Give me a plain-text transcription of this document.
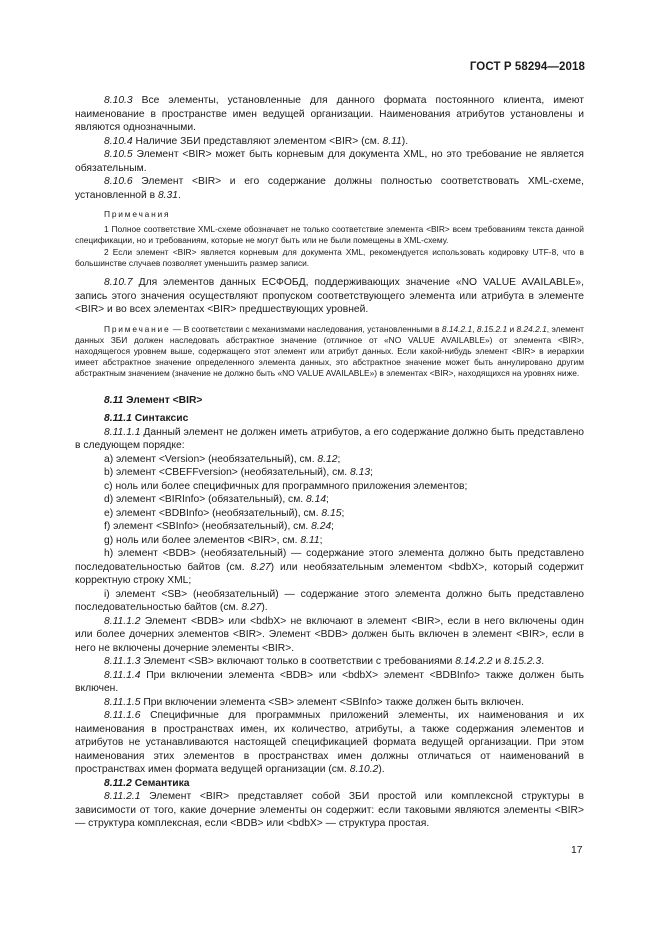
ГОСТ Р 58294—2018

8.10.3 Все элементы, установленные для данного формата постоянного клиента, имеют наименование в пространстве имен ведущей организации. Наименования атрибутов установлены и являются однозначными.

8.10.4 Наличие ЗБИ представляют элементом <BIR> (см. 8.11).

8.10.5 Элемент <BIR> может быть корневым для документа XML, но это требование не является обязательным.

8.10.6 Элемент <BIR> и его содержание должны полностью соответствовать XML-схеме, установленной в 8.31.

Примечания

1 Полное соответствие XML-схеме обозначает не только соответствие элемента <BIR> всем требованиям текста данной спецификации, но и требованиям, которые не могут быть или не были помещены в XML-схему.

2 Если элемент <BIR> является корневым для документа XML, рекомендуется использовать кодировку UTF-8, что в большинстве случаев позволяет уменьшить размер записи.

8.10.7 Для элементов данных ЕСФОБД, поддерживающих значение «NO VALUE AVAILABLE», запись этого значения осуществляют пропуском соответствующего элемента или атрибута в элементе <BIR> и во всех элементах <BIR> предшествующих уровней.

Примечание — В соответствии с механизмами наследования, установленными в 8.14.2.1, 8.15.2.1 и 8.24.2.1, элемент данных ЗБИ должен наследовать абстрактное значение (отличное от «NO VALUE AVAILABLE») от элемента <BIR>, находящегося уровнем выше, содержащего этот элемент или атрибут данных. Если какой-нибудь элемент <BIR> в иерархии имеет абстрактное значение определенного элемента данных, это абстрактное значение может быть аннулировано другим абстрактным значением (значение не должно быть «NO VALUE AVAILABLE») в элементах <BIR>, находящихся на уровнях ниже.

8.11 Элемент <BIR>

8.11.1 Синтаксис

8.11.1.1 Данный элемент не должен иметь атрибутов, а его содержание должно быть представлено в следующем порядке:

а) элемент <Version> (необязательный), см. 8.12;

b) элемент <CBEFFversion> (необязательный), см. 8.13;

c) ноль или более специфичных для программного приложения элементов;

d) элемент <BIRInfo> (обязательный), см. 8.14;

e) элемент <BDBInfo> (необязательный), см. 8.15;

f) элемент <SBInfo> (необязательный), см. 8.24;

g) ноль или более элементов <BIR>, см. 8.11;

h) элемент <BDB> (необязательный) — содержание этого элемента должно быть представлено последовательностью байтов (см. 8.27) или необязательным элементом <bdbX>, который содержит корректную строку XML;

i) элемент <SB> (необязательный) — содержание этого элемента должно быть представлено последовательностью байтов (см. 8.27).

8.11.1.2 Элемент <BDB> или <bdbX> не включают в элемент <BIR>, если в него включены один или более дочерних элементов <BIR>. Элемент <BDB> должен быть включен в элемент <BIR>, если в него не включены дочерние элементы <BIR>.

8.11.1.3 Элемент <SB> включают только в соответствии с требованиями 8.14.2.2 и 8.15.2.3.

8.11.1.4 При включении элемента <BDB> или <bdbX> элемент <BDBInfo> также должен быть включен.

8.11.1.5 При включении элемента <SB> элемент <SBInfo> также должен быть включен.

8.11.1.6 Специфичные для программных приложений элементы, их наименования и их наименования в пространствах имен, их количество, атрибуты, а также содержания элементов и атрибутов не устанавливаются настоящей спецификацией формата ведущей организации. При этом наименования этих элементов в пространствах имен должны отличаться от наименований в пространствах имен формата ведущей организации (см. 8.10.2).

8.11.2 Семантика

8.11.2.1 Элемент <BIR> представляет собой ЗБИ простой или комплексной структуры в зависимости от того, какие дочерние элементы он содержит: если таковыми являются элементы <BIR> — структура комплексная, если <BDB> или <bdbX> — структура простая.

17
